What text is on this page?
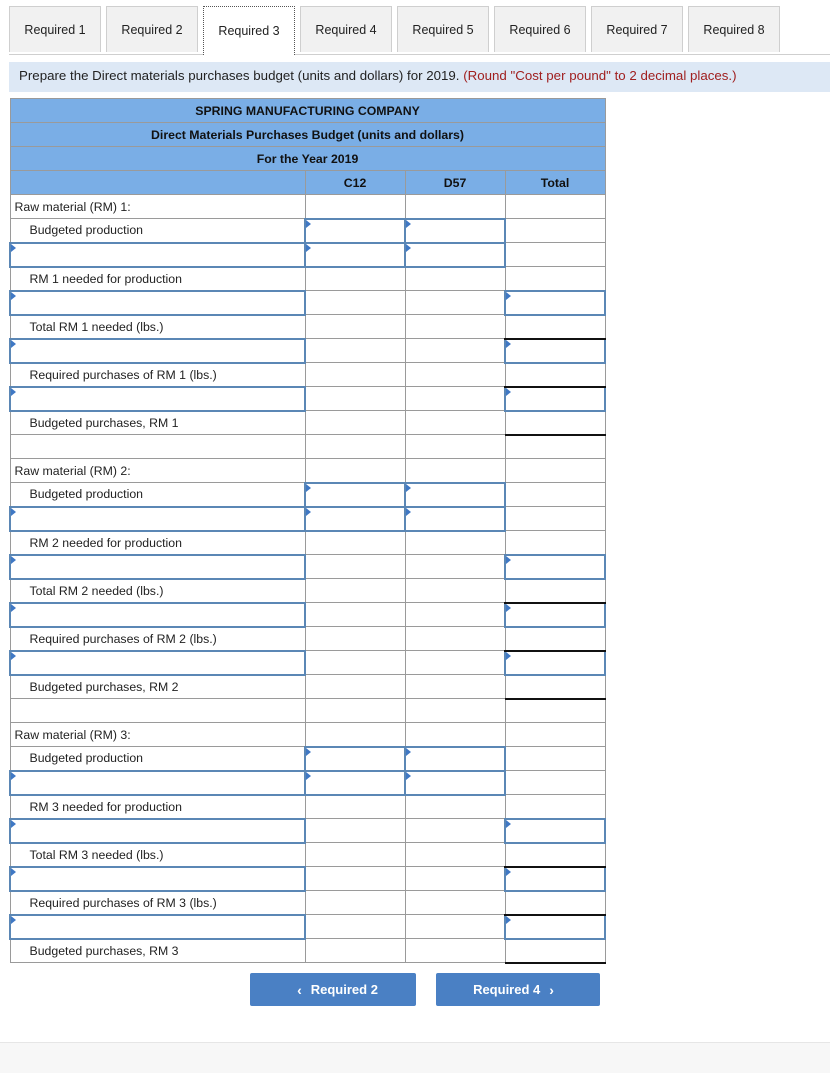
Required 1	Required 2	Required 3	Required 4	Required 5	Required 6	Required 7	Required 8
Prepare the Direct materials purchases budget (units and dollars) for 2019. (Round "Cost per pound" to 2 decimal places.)
SPRING MANUFACTURING COMPANY			
Direct Materials Purchases Budget (units and dollars)			
For the Year 2019			
	C12	D57	Total
Raw material (RM) 1:			
Budgeted production			

RM 1 needed for production			

Total RM 1 needed (lbs.)			

Required purchases of RM 1 (lbs.)			

Budgeted purchases, RM 1			

Raw material (RM) 2:			
Budgeted production			

RM 2 needed for production			

Total RM 2 needed (lbs.)			

Required purchases of RM 2 (lbs.)			

Budgeted purchases, RM 2			

Raw material (RM) 3:			
Budgeted production			

RM 3 needed for production			

Total RM 3 needed (lbs.)			

Required purchases of RM 3 (lbs.)			

Budgeted purchases, RM 3			
‹ Required 2	Required 4 ›
